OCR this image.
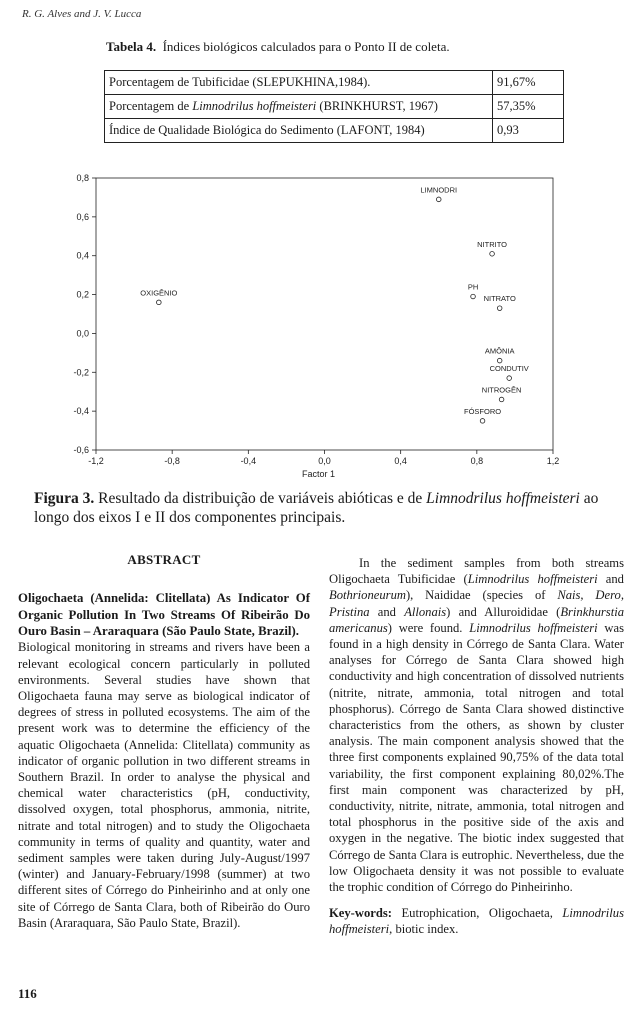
R. G. Alves and J. V. Lucca
Tabela 4. Índices biológicos calculados para o Ponto II de coleta.
Porcentagem de Tubificidae (SLEPUKHINA,1984).	91,67%
Porcentagem de Limnodrilus hoffmeisteri (BRINKHURST, 1967)	57,35%
Índice de Qualidade Biológica do Sedimento (LAFONT, 1984)	0,93
-1,2	-0,8	-0,4	0,0	0,4	0,8	1,2
0,8
0,6
0,4
0,2
0,0
-0,2
-0,4
-0,6
Factor 1
LIMNODRI
NITRITO
PH
NITRATO
OXIGÊNIO
AMÔNIA
CONDUTIV
NITROGÊN
FÓSFORO
Figura 3. Resultado da distribuição de variáveis abióticas e de Limnodrilus hoffmeisteri ao longo dos eixos I e II dos componentes principais.
ABSTRACT

Oligochaeta (Annelida: Clitellata) As Indicator Of Organic Pollution In Two Streams Of Ribeirão Do Ouro Basin – Araraquara (São Paulo State, Brazil).

Biological monitoring in streams and rivers have been a relevant ecological concern particularly in polluted environments. Several studies have shown that Oligochaeta fauna may serve as biological indicator of degrees of stress in polluted ecosystems. The aim of the present work was to determine the efficiency of the aquatic Oligochaeta (Annelida: Clitellata) community as indicator of organic pollution in two different streams in Southern Brazil. In order to analyse the physical and chemical water characteristics (pH, conductivity, dissolved oxygen, total phosphorus, ammonia, nitrite, nitrate and total nitrogen) and to study the Oligochaeta community in terms of quality and quantity, water and sediment samples were taken during July-August/1997 (winter) and January-February/1998 (summer) at two different sites of Córrego do Pinheirinho and at only one site of Córrego de Santa Clara, both of Ribeirão do Ouro Basin (Araraquara, São Paulo State, Brazil).

In the sediment samples from both streams Oligochaeta Tubificidae (Limnodrilus hoffmeisteri and Bothrioneurum), Naididae (species of Nais, Dero, Pristina and Allonais) and Alluroididae (Brinkhurstia americanus) were found. Limnodrilus hoffmeisteri was found in a high density in Córrego de Santa Clara. Water analyses for Córrego de Santa Clara showed high conductivity and high concentration of dissolved nutrients (nitrite, nitrate, ammonia, total nitrogen and total phosphorus). Córrego de Santa Clara showed distinctive characteristics from the others, as shown by cluster analysis. The main component analysis showed that the three first components explained 90,75% of the data total variability, the first component explaining 80,02%.The first main component was characterized by pH, conductivity, nitrite, nitrate, ammonia, total nitrogen and total phosphorus in the positive side of the axis and oxygen in the negative. The biotic index suggested that Córrego de Santa Clara is eutrophic. Nevertheless, due the low Oligochaeta density it was not possible to evaluate the trophic condition of Córrego do Pinheirinho.

Key-words: Eutrophication, Oligochaeta, Limnodrilus hoffmeisteri, biotic index.

116
